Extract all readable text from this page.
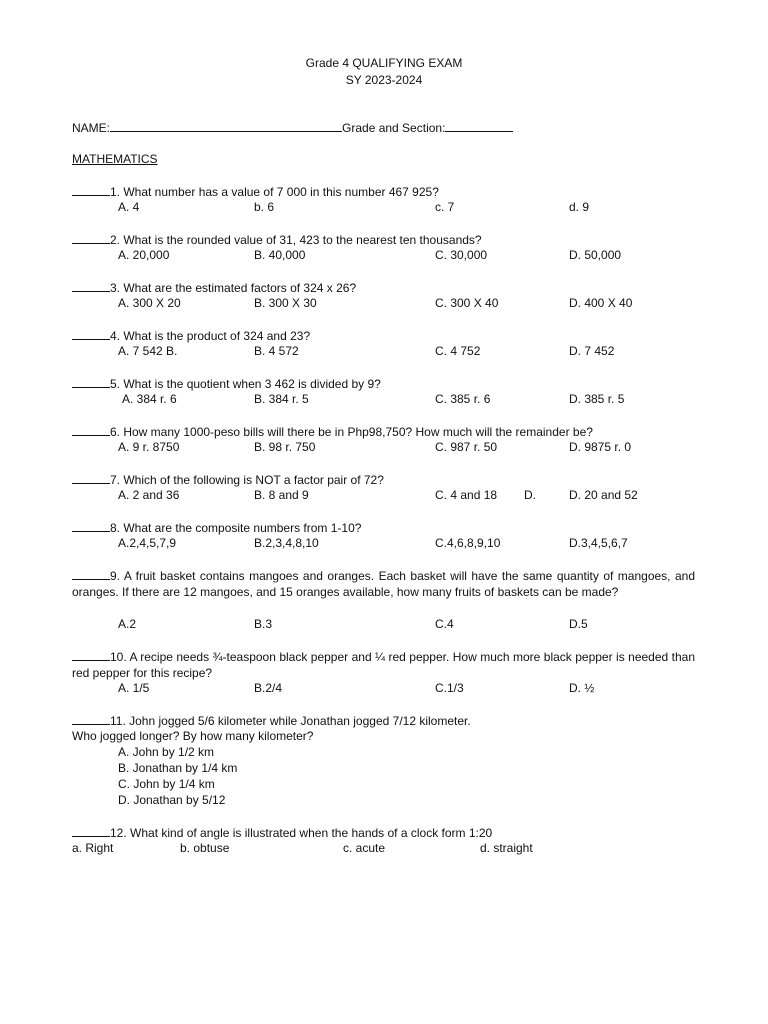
Grade 4 QUALIFYING EXAM
SY 2023-2024
NAME:	Grade and Section:
MATHEMATICS
1. What number has a value of 7 000 in this number 467 925?
A. 4	b. 6	c. 7	d. 9
2. What is the rounded value of 31, 423 to the nearest ten thousands?
A. 20,000	B. 40,000	C. 30,000	D. 50,000
3. What are the estimated factors of 324 x 26?
A. 300 X 20	B. 300 X 30	C. 300 X 40	D. 400 X 40
4. What is the product of 324 and 23?
A. 7 542 B.	B. 4 572	C. 4 752	D. 7 452
5. What is the quotient when 3 462 is divided by 9?
A. 384 r. 6	B. 384 r. 5	C. 385 r. 6	D. 385 r. 5
6. How many 1000-peso bills will there be in Php98,750? How much will the remainder be?
A. 9 r. 8750	B. 98 r. 750	C. 987 r. 50	D. 9875 r. 0
7. Which of the following is NOT a factor pair of 72?
A. 2 and 36	B. 8 and 9	C. 4 and 18 D.	D. 20 and 52
8. What are the composite numbers from 1-10?
A.2,4,5,7,9	B.2,3,4,8,10	C.4,6,8,9,10	D.3,4,5,6,7
9. A fruit basket contains mangoes and oranges. Each basket will have the same quantity of mangoes, and oranges. If there are 12 mangoes, and 15 oranges available, how many fruits of baskets can be made?
A.2	B.3	C.4	D.5
10. A recipe needs ¾-teaspoon black pepper and ¼ red pepper. How much more black pepper is needed than red pepper for this recipe?
A. 1/5	B.2/4	C.1/3	D. ½
11. John jogged 5/6 kilometer while Jonathan jogged 7/12 kilometer.
Who jogged longer? By how many kilometer?
A. John by 1/2 km
B. Jonathan by 1/4 km
C. John by 1/4 km
D. Jonathan by 5/12
12. What kind of angle is illustrated when the hands of a clock form 1:20
a. Right	b. obtuse	c. acute	d. straight
